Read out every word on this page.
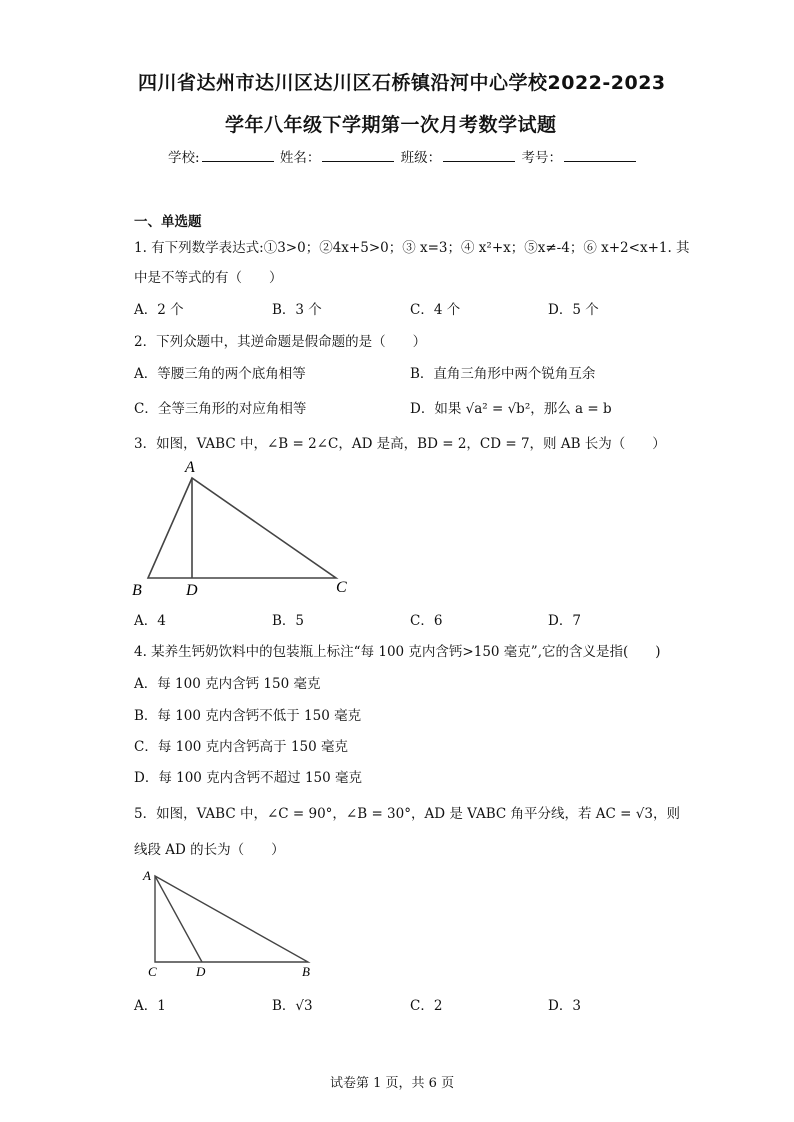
四川省达州市达川区达川区石桥镇沿河中心学校2022-2023
学年八年级下学期第一次月考数学试题
学校:	姓名：	班级：	考号：
一、单选题
1. 有下列数学表达式:①3>0；②4x+5>0；③ x=3；④ x²+x；⑤x≠-4；⑥ x+2<x+1. 其
中是不等式的有（　　）
A．2 个	B．3 个	C．4 个	D．5 个
2．下列众题中，其逆命题是假命题的是（　　）
A．等腰三角的两个底角相等	B．直角三角形中两个锐角互余
C．全等三角形的对应角相等	D．如果 √a² = √b²，那么 a = b
3．如图，VABC 中，∠B = 2∠C，AD 是高，BD = 2，CD = 7，则 AB 长为（　　）
A
B	D	C
A．4	B．5	C．6	D．7
4. 某养生钙奶饮料中的包装瓶上标注“每 100 克内含钙>150 毫克”,它的含义是指(　　)
A．每 100 克内含钙 150 毫克
B．每 100 克内含钙不低于 150 毫克
C．每 100 克内含钙高于 150 毫克
D．每 100 克内含钙不超过 150 毫克
5．如图，VABC 中，∠C = 90°，∠B = 30°，AD 是 VABC 角平分线，若 AC = √3，则
线段 AD 的长为（　　）
A
C	D	B
A．1	B．√3	C．2	D．3
试卷第 1 页，共 6 页
